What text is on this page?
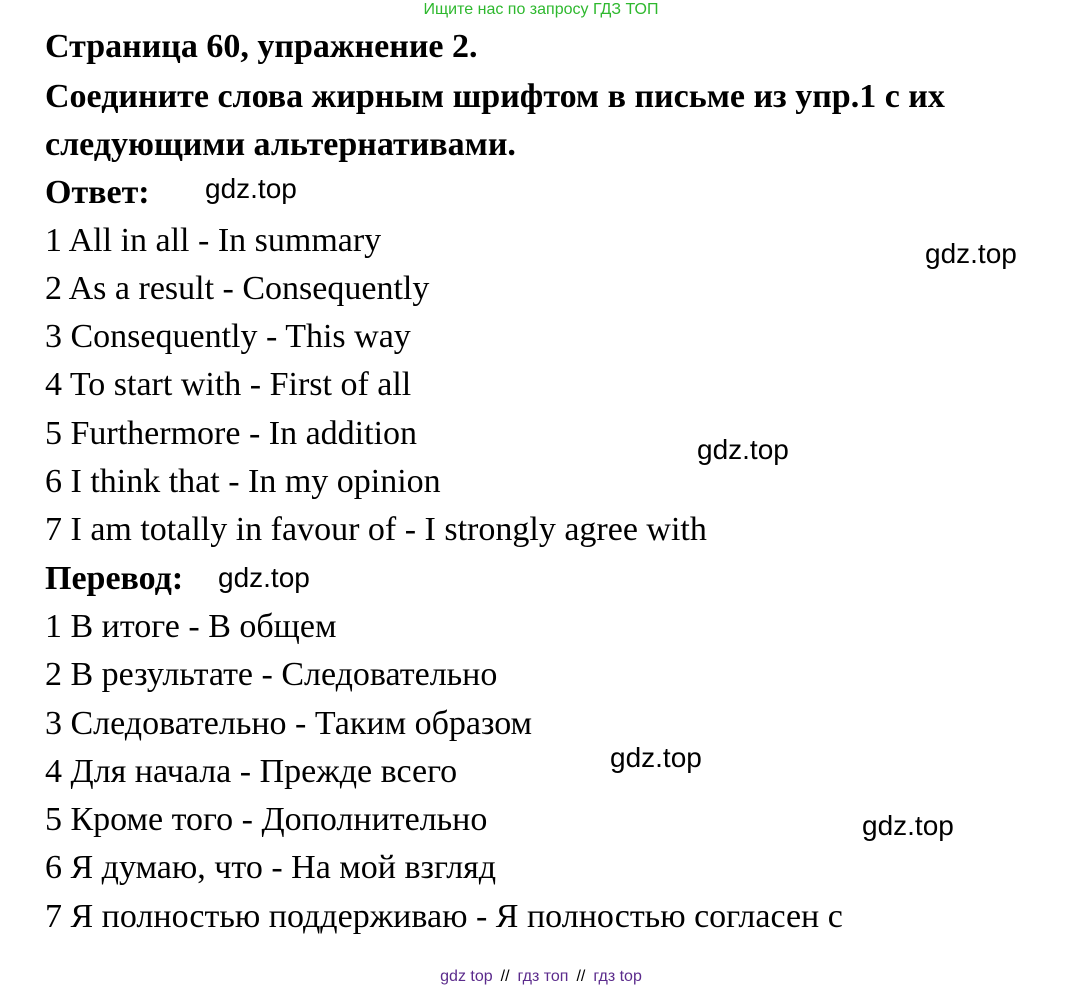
Ищите нас по запросу ГДЗ ТОП
Страница 60, упражнение 2.
Соедините слова жирным шрифтом в письме из упр.1 с их
следующими альтернативами.
Ответ:
1 All in all - In summary
2 As a result - Consequently
3 Consequently - This way
4 To start with - First of all
5 Furthermore - In addition
6 I think that - In my opinion
7 I am totally in favour of - I strongly agree with
Перевод:
1 В итоге - В общем
2 В результате - Следовательно
3 Следовательно - Таким образом
4 Для начала - Прежде всего
5 Кроме того - Дополнительно
6 Я думаю, что - На мой взгляд
7 Я полностью поддерживаю - Я полностью согласен с
gdz.top
gdz.top
gdz.top
gdz.top
gdz.top
gdz.top
gdz top // гдз топ // гдз top
